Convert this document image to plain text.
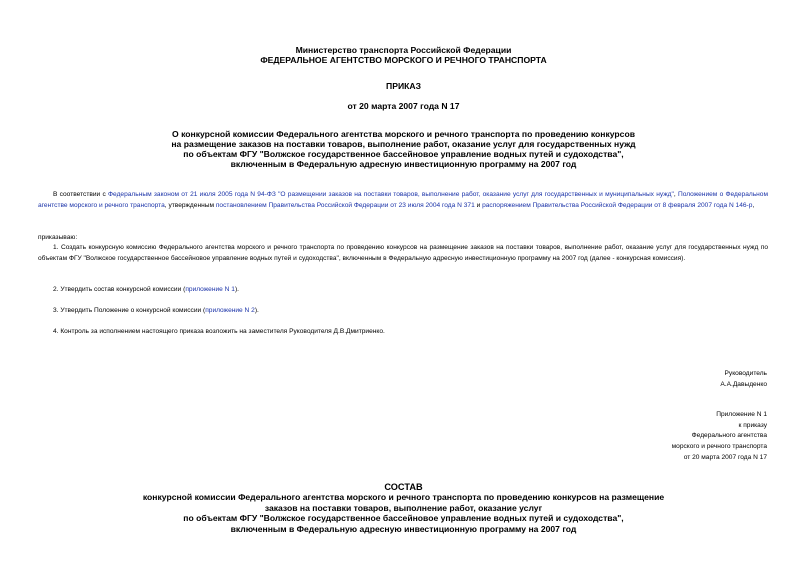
Министерство транспорта Российской Федерации
ФЕДЕРАЛЬНОЕ АГЕНТСТВО МОРСКОГО И РЕЧНОГО ТРАНСПОРТА
ПРИКАЗ
от 20 марта 2007 года N 17
О конкурсной комиссии Федерального агентства морского и речного транспорта по проведению конкурсов
на размещение заказов на поставки товаров, выполнение работ, оказание услуг для государственных нужд
по объектам ФГУ "Волжское государственное бассейновое управление водных путей и судоходства",
включенным в Федеральную адресную инвестиционную программу на 2007 год
В соответствии с Федеральным законом от 21 июля 2005 года N 94-ФЗ "О размещении заказов на поставки товаров, выполнение работ, оказание услуг для государственных и муниципальных нужд", Положением о Федеральном агентстве морского и речного транспорта, утвержденным постановлением Правительства Российской Федерации от 23 июля 2004 года N 371 и распоряжением Правительства Российской Федерации от 8 февраля 2007 года N 146-р,
приказываю:
1. Создать конкурсную комиссию Федерального агентства морского и речного транспорта по проведению конкурсов на размещение заказов на поставки товаров, выполнение работ, оказание услуг для государственных нужд по объектам ФГУ "Волжское государственное бассейновое управление водных путей и судоходства", включенным в Федеральную адресную инвестиционную программу на 2007 год (далее - конкурсная комиссия).
2. Утвердить состав конкурсной комиссии (приложение N 1).
3. Утвердить Положение о конкурсной комиссии (приложение N 2).
4. Контроль за исполнением настоящего приказа возложить на заместителя Руководителя Д.В.Дмитриенко.
Руководитель
А.А.Давыденко
Приложение N 1
к приказу
Федерального агентства
морского и речного транспорта
от 20 марта 2007 года N 17
СОСТАВ
конкурсной комиссии Федерального агентства морского и речного транспорта по проведению конкурсов на размещение
заказов на поставки товаров, выполнение работ, оказание услуг
по объектам ФГУ "Волжское государственное бассейновое управление водных путей и судоходства",
включенным в Федеральную адресную инвестиционную программу на 2007 год
